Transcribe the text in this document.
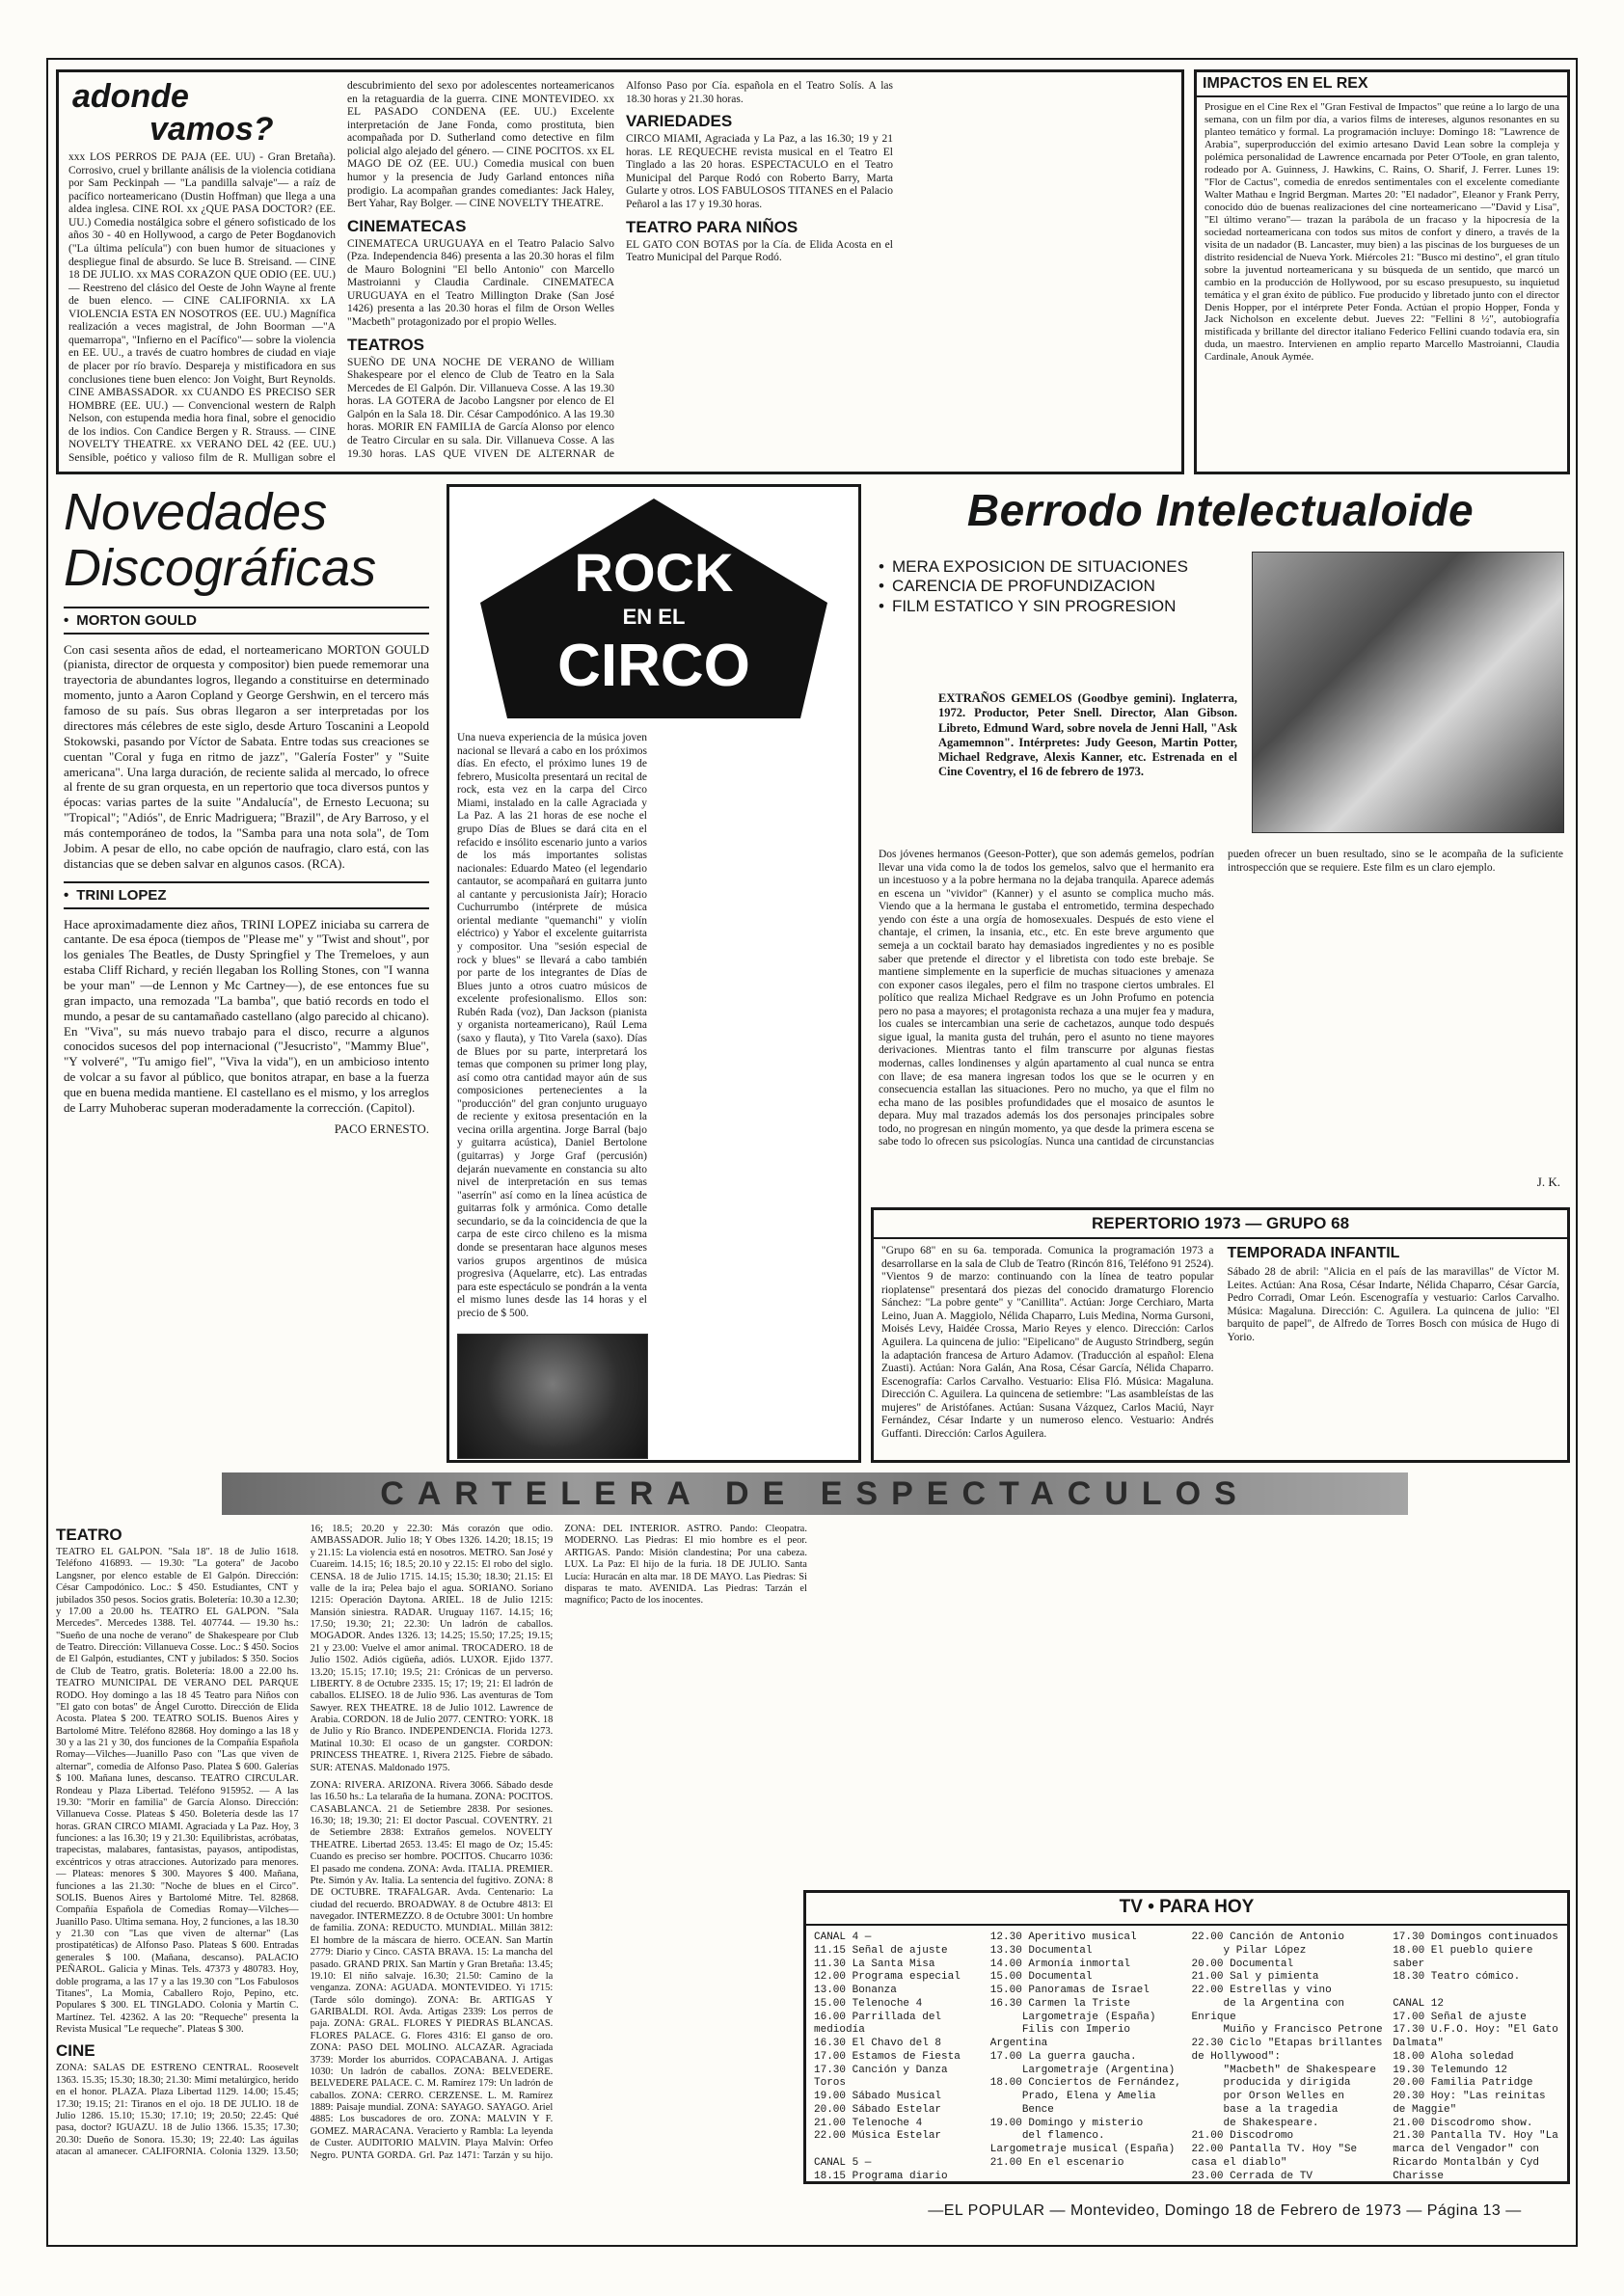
adonde
vamos?

xxx LOS PERROS DE PAJA (EE. UU) - Gran Bretaña). Corrosivo, cruel y brillante análisis de la violencia cotidiana por Sam Peckinpah — "La pandilla salvaje"— a raíz de pacífico norteamericano (Dustin Hoffman) que llega a una aldea inglesa. CINE ROI. xx ¿QUE PASA DOCTOR? (EE. UU.) Comedia nostálgica sobre el género sofisticado de los años 30 - 40 en Hollywood, a cargo de Peter Bogdanovich ("La última película") con buen humor de situaciones y despliegue final de absurdo. Se luce B. Streisand. — CINE 18 DE JULIO. xx MAS CORAZON QUE ODIO (EE. UU.) — Reestreno del clásico del Oeste de John Wayne al frente de buen elenco. — CINE CALIFORNIA. xx LA VIOLENCIA ESTA EN NOSOTROS (EE. UU.) Magnífica realización a veces magistral, de John Boorman —"A quemarropa", "Infierno en el Pacífico"— sobre la violencia en EE. UU., a través de cuatro hombres de ciudad en viaje de placer por río bravío. Despareja y mistificadora en sus conclusiones tiene buen elenco: Jon Voight, Burt Reynolds. CINE AMBASSADOR. xx CUANDO ES PRECISO SER HOMBRE (EE. UU.) — Convencional western de Ralph Nelson, con estupenda media hora final, sobre el genocidio de los indios. Con Candice Bergen y R. Strauss. — CINE NOVELTY THEATRE. xx VERANO DEL 42 (EE. UU.) Sensible, poético y valioso film de R. Mulligan sobre el descubrimiento del sexo por adolescentes norteamericanos en la retaguardia de la guerra. CINE MONTEVIDEO. xx EL PASADO CONDENA (EE. UU.) Excelente interpretación de Jane Fonda, como prostituta, bien acompañada por D. Sutherland como detective en film policial algo alejado del género. — CINE POCITOS. xx EL MAGO DE OZ (EE. UU.) Comedia musical con buen humor y la presencia de Judy Garland entonces niña prodigio. La acompañan grandes comediantes: Jack Haley, Bert Yahar, Ray Bolger. — CINE NOVELTY THEATRE.

CINEMATECAS

CINEMATECA URUGUAYA en el Teatro Palacio Salvo (Pza. Independencia 846) presenta a las 20.30 horas el film de Mauro Bolognini "El bello Antonio" con Marcello Mastroianni y Claudia Cardinale. CINEMATECA URUGUAYA en el Teatro Millington Drake (San José 1426) presenta a las 20.30 horas el film de Orson Welles "Macbeth" protagonizado por el propio Welles.

TEATROS

SUEÑO DE UNA NOCHE DE VERANO de William Shakespeare por el elenco de Club de Teatro en la Sala Mercedes de El Galpón. Dir. Villanueva Cosse. A las 19.30 horas. LA GOTERA de Jacobo Langsner por elenco de El Galpón en la Sala 18. Dir. César Campodónico. A las 19.30 horas. MORIR EN FAMILIA de García Alonso por elenco de Teatro Circular en su sala. Dir. Villanueva Cosse. A las 19.30 horas. LAS QUE VIVEN DE ALTERNAR de Alfonso Paso por Cía. española en el Teatro Solís. A las 18.30 horas y 21.30 horas.

VARIEDADES

CIRCO MIAMI, Agraciada y La Paz, a las 16.30; 19 y 21 horas. LE REQUECHE revista musical en el Teatro El Tinglado a las 20 horas. ESPECTACULO en el Teatro Municipal del Parque Rodó con Roberto Barry, Marta Gularte y otros. LOS FABULOSOS TITANES en el Palacio Peñarol a las 17 y 19.30 horas.

TEATRO PARA NIÑOS

EL GATO CON BOTAS por la Cía. de Elida Acosta en el Teatro Municipal del Parque Rodó.

IMPACTOS EN EL REX

Prosigue en el Cine Rex el "Gran Festival de Impactos" que reúne a lo largo de una semana, con un film por día, a varios films de intereses, algunos resonantes en su planteo temático y formal. La programación incluye: Domingo 18: "Lawrence de Arabia", superproducción del eximio artesano David Lean sobre la compleja y polémica personalidad de Lawrence encarnada por Peter O'Toole, en gran talento, rodeado por A. Guinness, J. Hawkins, C. Rains, O. Sharif, J. Ferrer. Lunes 19: "Flor de Cactus", comedia de enredos sentimentales con el excelente comediante Walter Mathau e Ingrid Bergman. Martes 20: "El nadador", Eleanor y Frank Perry, conocido dúo de buenas realizaciones del cine norteamericano —"David y Lisa", "El último verano"— trazan la parábola de un fracaso y la hipocresía de la sociedad norteamericana con todos sus mitos de confort y dinero, a través de la visita de un nadador (B. Lancaster, muy bien) a las piscinas de los burgueses de un distrito residencial de Nueva York. Miércoles 21: "Busco mi destino", el gran título sobre la juventud norteamericana y su búsqueda de un sentido, que marcó un cambio en la producción de Hollywood, por su escaso presupuesto, su inquietud temática y el gran éxito de público. Fue producido y libretado junto con el director Denis Hopper, por el intérprete Peter Fonda. Actúan el propio Hopper, Fonda y Jack Nicholson en excelente debut. Jueves 22: "Fellini 8 ½", autobiografía mistificada y brillante del director italiano Federico Fellini cuando todavía era, sin duda, un maestro. Intervienen en amplio reparto Marcello Mastroianni, Claudia Cardinale, Anouk Aymée.

Novedades

Discográficas

• MORTON GOULD

Con casi sesenta años de edad, el norteamericano MORTON GOULD (pianista, director de orquesta y compositor) bien puede rememorar una trayectoria de abundantes logros, llegando a constituirse en determinado momento, junto a Aaron Copland y George Gershwin, en el tercero más famoso de su país. Sus obras llegaron a ser interpretadas por los directores más célebres de este siglo, desde Arturo Toscanini a Leopold Stokowski, pasando por Víctor de Sabata. Entre todas sus creaciones se cuentan "Coral y fuga en ritmo de jazz", "Galería Foster" y "Suite americana". Una larga duración, de reciente salida al mercado, lo ofrece al frente de su gran orquesta, en un repertorio que toca diversos puntos y épocas: varias partes de la suite "Andalucía", de Ernesto Lecuona; su "Tropical"; "Adiós", de Enric Madriguera; "Brazil", de Ary Barroso, y el más contemporáneo de todos, la "Samba para una nota sola", de Tom Jobim. A pesar de ello, no cabe opción de naufragio, claro está, con las distancias que se deben salvar en algunos casos. (RCA).

• TRINI LOPEZ

Hace aproximadamente diez años, TRINI LOPEZ iniciaba su carrera de cantante. De esa época (tiempos de "Please me" y "Twist and shout", por los geniales The Beatles, de Dusty Springfiel y The Tremeloes, y aun estaba Cliff Richard, y recién llegaban los Rolling Stones, con "I wanna be your man" —de Lennon y Mc Cartney—), de ese entonces fue su gran impacto, una remozada "La bamba", que batió records en todo el mundo, a pesar de su cantamañado castellano (algo parecido al chicano). En "Viva", su más nuevo trabajo para el disco, recurre a algunos conocidos sucesos del pop internacional ("Jesucristo", "Mammy Blue", "Y volveré", "Tu amigo fiel", "Viva la vida"), en un ambicioso intento de volcar a su favor al público, que bonitos atrapar, en base a la fuerza que en buena medida mantiene. El castellano es el mismo, y los arreglos de Larry Muhoberac superan moderadamente la corrección. (Capitol).

PACO ERNESTO.
ROCK
EN EL
CIRCO

Una nueva experiencia de la música joven nacional se llevará a cabo en los próximos días. En efecto, el próximo lunes 19 de febrero, Musicolta presentará un recital de rock, esta vez en la carpa del Circo Miami, instalado en la calle Agraciada y La Paz. A las 21 horas de ese noche el grupo Días de Blues se dará cita en el refacido e insólito escenario junto a varios de los más importantes solistas nacionales: Eduardo Mateo (el legendario cantautor, se acompañará en guitarra junto al cantante y percusionista Jaír); Horacio Cuchurrumbo (intérprete de música oriental mediante "quemanchi" y violín eléctrico) y Yabor el excelente guitarrista y compositor. Una "sesión especial de rock y blues" se llevará a cabo también por parte de los integrantes de Días de Blues junto a otros cuatro músicos de excelente profesionalismo. Ellos son: Rubén Rada (voz), Dan Jackson (pianista y organista norteamericano), Raúl Lema (saxo y flauta), y Tito Varela (saxo). Días de Blues por su parte, interpretará los temas que componen su primer long play, así como otra cantidad mayor aún de sus composiciones pertenecientes a la "producción" del gran conjunto uruguayo de reciente y exitosa presentación en la vecina orilla argentina. Jorge Barral (bajo y guitarra acústica), Daniel Bertolone (guitarras) y Jorge Graf (percusión) dejarán nuevamente en constancia su alto nivel de interpretación en sus temas "aserrín" así como en la línea acústica de guitarras folk y armónica. Como detalle secundario, se da la coincidencia de que la carpa de este circo chileno es la misma donde se presentaran hace algunos meses varios grupos argentinos de música progresiva (Aquelarre, etc). Las entradas para este espectáculo se pondrán a la venta el mismo lunes desde las 14 horas y el precio de $ 500.

Berrodo Intelectualoide

• MERA EXPOSICION DE SITUACIONES

• CARENCIA DE PROFUNDIZACION

• FILM ESTATICO Y SIN PROGRESION

EXTRAÑOS GEMELOS (Goodbye gemini). Inglaterra, 1972. Productor, Peter Snell. Director, Alan Gibson. Libreto, Edmund Ward, sobre novela de Jenni Hall, "Ask Agamemnon". Intérpretes: Judy Geeson, Martin Potter, Michael Redgrave, Alexis Kanner, etc. Estrenada en el Cine Coventry, el 16 de febrero de 1973.

Dos jóvenes hermanos (Geeson-Potter), que son además gemelos, podrían llevar una vida como la de todos los gemelos, salvo que el hermanito era un incestuoso y a la pobre hermana no la dejaba tranquila. Aparece además en escena un "vividor" (Kanner) y el asunto se complica mucho más. Viendo que a la hermana le gustaba el entrometido, termina despechado yendo con éste a una orgía de homosexuales. Después de esto viene el chantaje, el crimen, la insania, etc., etc. En este breve argumento que semeja a un cocktail barato hay demasiados ingredientes y no es posible saber que pretende el director y el libretista con todo este brebaje. Se mantiene simplemente en la superficie de muchas situaciones y amenaza con exponer casos ilegales, pero el film no traspone ciertos umbrales. El político que realiza Michael Redgrave es un John Profumo en potencia pero no pasa a mayores; el protagonista rechaza a una mujer fea y madura, los cuales se intercambian una serie de cachetazos, aunque todo después sigue igual, la manita gusta del truhán, pero el asunto no tiene mayores derivaciones. Mientras tanto el film transcurre por algunas fiestas modernas, calles londinenses y algún apartamento al cual nunca se entra con llave; de esa manera ingresan todos los que se le ocurren y en consecuencia estallan las situaciones. Pero no mucho, ya que el film no echa mano de las posibles profundidades que el mosaico de asuntos le depara. Muy mal trazados además los dos personajes principales sobre todo, no progresan en ningún momento, ya que desde la primera escena se sabe todo lo ofrecen sus psicologías. Nunca una cantidad de circunstancias pueden ofrecer un buen resultado, sino se le acompaña de la suficiente introspección que se requiere. Este film es un claro ejemplo.

J. K.
REPERTORIO 1973 — GRUPO 68

"Grupo 68" en su 6a. temporada. Comunica la programación 1973 a desarrollarse en la sala de Club de Teatro (Rincón 816, Teléfono 91 2524). "Vientos 9 de marzo: continuando con la línea de teatro popular rioplatense" presentará dos piezas del conocido dramaturgo Florencio Sánchez: "La pobre gente" y "Canillita". Actúan: Jorge Cerchiaro, Marta Leino, Juan A. Maggiolo, Nélida Chaparro, Luis Medina, Norma Gursoni, Moisés Levy, Haidée Crossa, Mario Reyes y elenco. Dirección: Carlos Aguilera. La quincena de julio: "Eipelicano" de Augusto Strindberg, según la adaptación francesa de Arturo Adamov. (Traducción al español: Elena Zuasti). Actúan: Nora Galán, Ana Rosa, César García, Nélida Chaparro. Escenografía: Carlos Carvalho. Vestuario: Elisa Fló. Música: Magaluna. Dirección C. Aguilera. La quincena de setiembre: "Las asambleístas de las mujeres" de Aristófanes. Actúan: Susana Vázquez, Carlos Maciú, Nayr Fernández, César Indarte y un numeroso elenco. Vestuario: Andrés Guffanti. Dirección: Carlos Aguilera.

TEMPORADA INFANTIL

Sábado 28 de abril: "Alicia en el país de las maravillas" de Víctor M. Leites. Actúan: Ana Rosa, César Indarte, Nélida Chaparro, César García, Pedro Corradi, Omar León. Escenografía y vestuario: Carlos Carvalho. Música: Magaluna. Dirección: C. Aguilera. La quincena de julio: "El barquito de papel", de Alfredo de Torres Bosch con música de Hugo di Yorio.

CARTELERA DE ESPECTACULOS
TEATRO

TEATRO EL GALPON. "Sala 18". 18 de Julio 1618. Teléfono 416893. — 19.30: "La gotera" de Jacobo Langsner, por elenco estable de El Galpón. Dirección: César Campodónico. Loc.: $ 450. Estudiantes, CNT y jubilados 350 pesos. Socios gratis. Boletería: 10.30 a 12.30; y 17.00 a 20.00 hs. TEATRO EL GALPON. "Sala Mercedes". Mercedes 1388. Tel. 407744. — 19.30 hs.: "Sueño de una noche de verano" de Shakespeare por Club de Teatro. Dirección: Villanueva Cosse. Loc.: $ 450. Socios de El Galpón, estudiantes, CNT y jubilados: $ 350. Socios de Club de Teatro, gratis. Boletería: 18.00 a 22.00 hs. TEATRO MUNICIPAL DE VERANO DEL PARQUE RODO. Hoy domingo a las 18 45 Teatro para Niños con "El gato con botas" de Ángel Curotto. Dirección de Elida Acosta. Platea $ 200. TEATRO SOLIS. Buenos Aires y Bartolomé Mitre. Teléfono 82868. Hoy domingo a las 18 y 30 y a las 21 y 30, dos funciones de la Compañía Española Romay—Vilches—Juanillo Paso con "Las que viven de alternar", comedia de Alfonso Paso. Platea $ 600. Galerías $ 100. Mañana lunes, descanso. TEATRO CIRCULAR. Rondeau y Plaza Libertad. Teléfono 915952. — A las 19.30: "Morir en familia" de García Alonso. Dirección: Villanueva Cosse. Plateas $ 450. Boletería desde las 17 horas. GRAN CIRCO MIAMI. Agraciada y La Paz. Hoy, 3 funciones: a las 16.30; 19 y 21.30: Equilibristas, acróbatas, trapecistas, malabares, fantasistas, payasos, antipodistas, excéntricos y otras atracciones. Autorizado para menores. — Plateas: menores $ 300. Mayores $ 400. Mañana, funciones a las 21.30: "Noche de blues en el Circo". SOLIS. Buenos Aires y Bartolomé Mitre. Tel. 82868. Compañía Española de Comedias Romay—Vilches—Juanillo Paso. Ultima semana. Hoy, 2 funciones, a las 18.30 y 21.30 con "Las que viven de alternar" (Las prostipatéticas) de Alfonso Paso. Plateas $ 600. Entradas generales $ 100. (Mañana, descanso). PALACIO PEÑAROL. Galicia y Minas. Tels. 47373 y 480783. Hoy, doble programa, a las 17 y a las 19.30 con "Los Fabulosos Titanes", La Momia, Caballero Rojo, Pepino, etc. Populares $ 300. EL TINGLADO. Colonia y Martín C. Martínez. Tel. 42362. A las 20: "Requeche" presenta la Revista Musical "Le requeche". Plateas $ 300.

CINE

ZONA: SALAS DE ESTRENO CENTRAL. Roosevelt 1363. 15.35; 15.30; 18.30; 21.30: Mimí metalúrgico, herido en el honor. PLAZA. Plaza Libertad 1129. 14.00; 15.45; 17.30; 19.15; 21: Tiranos en el ojo. 18 DE JULIO. 18 de Julio 1286. 15.10; 15.30; 17.10; 19; 20.50; 22.45: Qué pasa, doctor? IGUAZU. 18 de Julio 1366. 15.35; 17.30; 20.30: Dueño de Sonora. 15.30; 19; 22.40: Las águilas atacan al amanecer. CALIFORNIA. Colonia 1329. 13.50; 16; 18.5; 20.20 y 22.30: Más corazón que odio. AMBASSADOR. Julio 18; Y Obes 1326. 14.20; 18.15; 19 y 21.15: La violencia está en nosotros. METRO. San José y Cuareim. 14.15; 16; 18.5; 20.10 y 22.15: El robo del siglo. CENSA. 18 de Julio 1715. 14.15; 15.30; 18.30; 21.15: El valle de la ira; Pelea bajo el agua. SORIANO. Soriano 1215: Operación Daytona. ARIEL. 18 de Julio 1215: Mansión siniestra. RADAR. Uruguay 1167. 14.15; 16; 17.50; 19.30; 21; 22.30: Un ladrón de caballos. MOGADOR. Andes 1326. 13; 14.25; 15.50; 17.25; 19.15; 21 y 23.00: Vuelve el amor animal. TROCADERO. 18 de Julio 1502. Adiós cigüeña, adiós. LUXOR. Ejido 1377. 13.20; 15.15; 17.10; 19.5; 21: Crónicas de un perverso. LIBERTY. 8 de Octubre 2335. 15; 17; 19; 21: El ladrón de caballos. ELISEO. 18 de Julio 936. Las aventuras de Tom Sawyer. REX THEATRE. 18 de Julio 1012. Lawrence de Arabia. CORDON. 18 de Julio 2077. CENTRO: YORK. 18 de Julio y Río Branco. INDEPENDENCIA. Florida 1273. Matinal 10.30: El ocaso de un gangster. CORDON: PRINCESS THEATRE. 1, Rivera 2125. Fiebre de sábado. SUR: ATENAS. Maldonado 1975.

ZONA: RIVERA. ARIZONA. Rivera 3066. Sábado desde las 16.50 hs.: La telaraña de Ia humana. ZONA: POCITOS. CASABLANCA. 21 de Setiembre 2838. Por sesiones. 16.30; 18; 19.30; 21: El doctor Pascual. COVENTRY. 21 de Setiembre 2838: Extraños gemelos. NOVELTY THEATRE. Libertad 2653. 13.45: El mago de Oz; 15.45: Cuando es preciso ser hombre. POCITOS. Chucarro 1036: El pasado me condena. ZONA: Avda. ITALIA. PREMIER. Pte. Simón y Av. Italia. La sentencia del fugitivo. ZONA: 8 DE OCTUBRE. TRAFALGAR. Avda. Centenario: La ciudad del recuerdo. BROADWAY. 8 de Octubre 4813: El navegador. INTERMEZZO. 8 de Octubre 3001: Un hombre de familia. ZONA: REDUCTO. MUNDIAL. Millán 3812: El hombre de la máscara de hierro. OCEAN. San Martín 2779: Diario y Cinco. CASTA BRAVA. 15: La mancha del pasado. GRAND PRIX. San Martín y Gran Bretaña: 13.45; 19.10: El niño salvaje. 16.30; 21.50: Camino de la venganza. ZONA: AGUADA. MONTEVIDEO. Yi 1715: (Tarde sólo domingo). ZONA: Br. ARTIGAS Y GARIBALDI. ROI. Avda. Artigas 2339: Los perros de paja. ZONA: GRAL. FLORES Y PIEDRAS BLANCAS. FLORES PALACE. G. Flores 4316: El ganso de oro. ZONA: PASO DEL MOLINO. ALCAZAR. Agraciada 3739: Morder los aburridos. COPACABANA. J. Artigas 1030: Un ladrón de caballos. ZONA: BELVEDERE. BELVEDERE PALACE. C. M. Ramírez 179: Un ladrón de caballos. ZONA: CERRO. CERZENSE. L. M. Ramírez 1889: Paisaje mundial. ZONA: SAYAGO. SAYAGO. Ariel 4885: Los buscadores de oro. ZONA: MALVIN Y F. GOMEZ. MARACANA. Veracierto y Rambla: La leyenda de Custer. AUDITORIO MALVIN. Playa Malvín: Orfeo Negro. PUNTA GORDA. Grl. Paz 1471: Tarzán y su hijo. ZONA: DEL INTERIOR. ASTRO. Pando: Cleopatra. MODERNO. Las Piedras: El mio hombre es el peor. ARTIGAS. Pando: Misión clandestina; Por una cabeza. LUX. La Paz: El hijo de la furia. 18 DE JULIO. Santa Lucía: Huracán en alta mar. 18 DE MAYO. Las Piedras: Si disparas te mato. AVENIDA. Las Piedras: Tarzán el magnífico; Pacto de los inocentes.

TV • PARA HOY
CANAL 4 —
11.15 Señal de ajuste
11.30 La Santa Misa
12.00 Programa especial
13.00 Bonanza
15.00 Telenoche 4
16.00 Parrillada del mediodía
16.30 El Chavo del 8
17.00 Estamos de Fiesta
17.30 Canción y Danza Toros
19.00 Sábado Musical
20.00 Sábado Estelar
21.00 Telenoche 4
22.00 Música Estelar

CANAL 5 —
18.15 Programa diario

12.30 Aperitivo musical
13.30 Documental
14.00 Armonía inmortal
15.00 Documental
15.00 Panoramas de Israel
16.30 Carmen la Triste
Largometraje (España)
Filis con Imperio Argentina
17.00 La guerra gaucha.
Largometraje (Argentina)
18.00 Conciertos de Fernández,
Prado, Elena y Amelia
Bence
19.00 Domingo y misterio
del flamenco. Largometraje musical (España)
21.00 En el escenario
22.00 Canción de Antonio
y Pilar López
20.00 Documental
21.00 Sal y pimienta
22.00 Estrellas y vino
de la Argentina con Enrique
Muiño y Francisco Petrone
22.30 Ciclo "Etapas brillantes de Hollywood":
"Macbeth" de Shakespeare
producida y dirigida
por Orson Welles en
base a la tragedia
de Shakespeare.
21.00 Discodromo
22.00 Pantalla TV. Hoy "Se casa el diablo"
23.00 Cerrada de TV

17.30 Domingos continuados
18.00 El pueblo quiere saber
18.30 Teatro cómico.

CANAL 12
17.00 Señal de ajuste
17.30 U.F.O. Hoy: "El Gato Dalmata"
18.00 Aloha soledad
19.30 Telemundo 12
20.00 Familia Patridge
20.30 Hoy: "Las reinitas de Maggie"
21.00 Discodromo show.
21.30 Pantalla TV. Hoy "La marca del Vengador" con Ricardo Montalbán y Cyd Charisse
—EL POPULAR — Montevideo, Domingo 18 de Febrero de 1973 — Página 13 —
